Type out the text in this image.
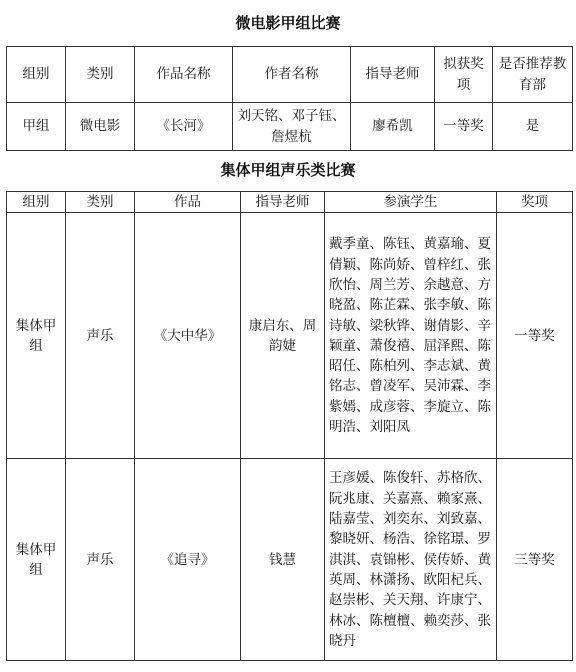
微电影甲组比赛
组别	类别	作品名称	作者名称	指导老师	拟获奖项	是否推荐教育部
甲组	微电影	《长河》	刘天铭、邓子钰、詹煜杭	廖希凯	一等奖	是
集体甲组声乐类比赛
组别	类别	作品	指导老师	参演学生	奖项
集体甲组	声乐	《大中华》	康启东、周韵婕	戴季童、陈钰、黄嘉瑜、夏倩颖、陈尚娇、曾梓红、张欣怡、周兰芳、余越意、方晓盈、陈芷霖、张李敏、陈诗敏、梁秋铧、谢倩影、辛颖童、萧俊禧、屈泽熙、陈昭任、陈柏列、李志斌、黄铭志、曾凌军、吴沛霖、李紫嫣、成彦蓉、李旋立、陈明浩、刘阳凤	一等奖
集体甲组	声乐	《追寻》	钱慧	王彦媛、陈俊轩、苏格欣、阮兆康、关嘉熹、赖家熹、陆嘉莹、刘奕东、刘致嘉、黎晓妍、杨浩、徐铭璟、罗淇淇、袁锦彬、侯传娇、黄英周、林潇扬、欧阳杞兵、赵崇彬、关天翔、许康宁、林冰、陈檀檀、赖奕莎、张晓丹	三等奖
